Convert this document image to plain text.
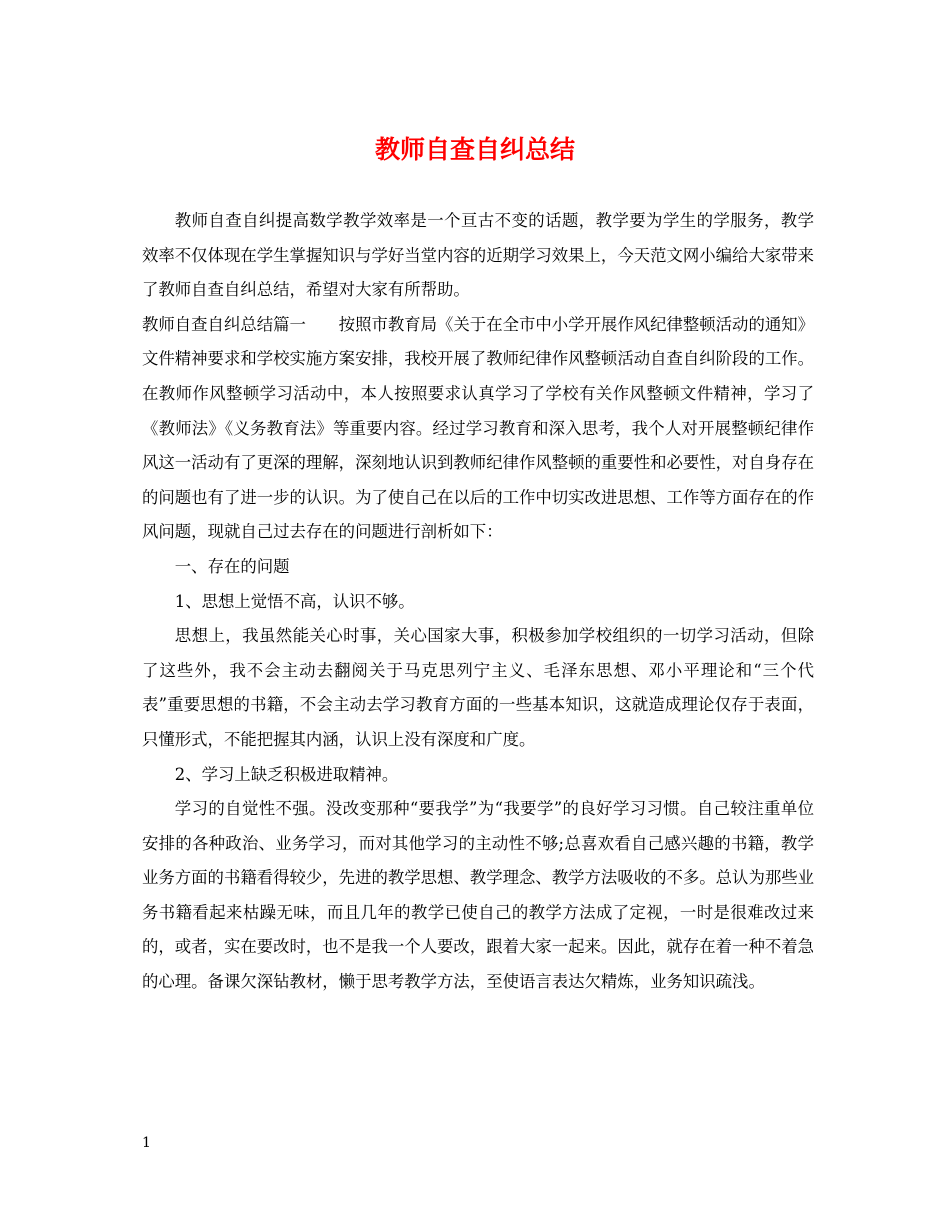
教师自查自纠总结

教师自查自纠提高数学教学效率是一个亘古不变的话题，教学要为学生的学服务，教学效率不仅体现在学生掌握知识与学好当堂内容的近期学习效果上，今天范文网小编给大家带来了教师自查自纠总结，希望对大家有所帮助。

教师自查自纠总结篇一　　按照市教育局《关于在全市中小学开展作风纪律整顿活动的通知》文件精神要求和学校实施方案安排，我校开展了教师纪律作风整顿活动自查自纠阶段的工作。在教师作风整顿学习活动中，本人按照要求认真学习了学校有关作风整顿文件精神，学习了《教师法》《义务教育法》等重要内容。经过学习教育和深入思考，我个人对开展整顿纪律作风这一活动有了更深的理解，深刻地认识到教师纪律作风整顿的重要性和必要性，对自身存在的问题也有了进一步的认识。为了使自己在以后的工作中切实改进思想、工作等方面存在的作风问题，现就自己过去存在的问题进行剖析如下：

一、存在的问题

1、思想上觉悟不高，认识不够。

思想上，我虽然能关心时事，关心国家大事，积极参加学校组织的一切学习活动，但除了这些外，我不会主动去翻阅关于马克思列宁主义、毛泽东思想、邓小平理论和“三个代表”重要思想的书籍，不会主动去学习教育方面的一些基本知识，这就造成理论仅存于表面，只懂形式，不能把握其内涵，认识上没有深度和广度。

2、学习上缺乏积极进取精神。

学习的自觉性不强。没改变那种“要我学”为“我要学”的良好学习习惯。自己较注重单位安排的各种政治、业务学习，而对其他学习的主动性不够;总喜欢看自己感兴趣的书籍，教学业务方面的书籍看得较少，先进的教学思想、教学理念、教学方法吸收的不多。总认为那些业务书籍看起来枯躁无味，而且几年的教学已使自己的教学方法成了定视，一时是很难改过来的，或者，实在要改时，也不是我一个人要改，跟着大家一起来。因此，就存在着一种不着急的心理。备课欠深钻教材，懒于思考教学方法，至使语言表达欠精炼，业务知识疏浅。

1
